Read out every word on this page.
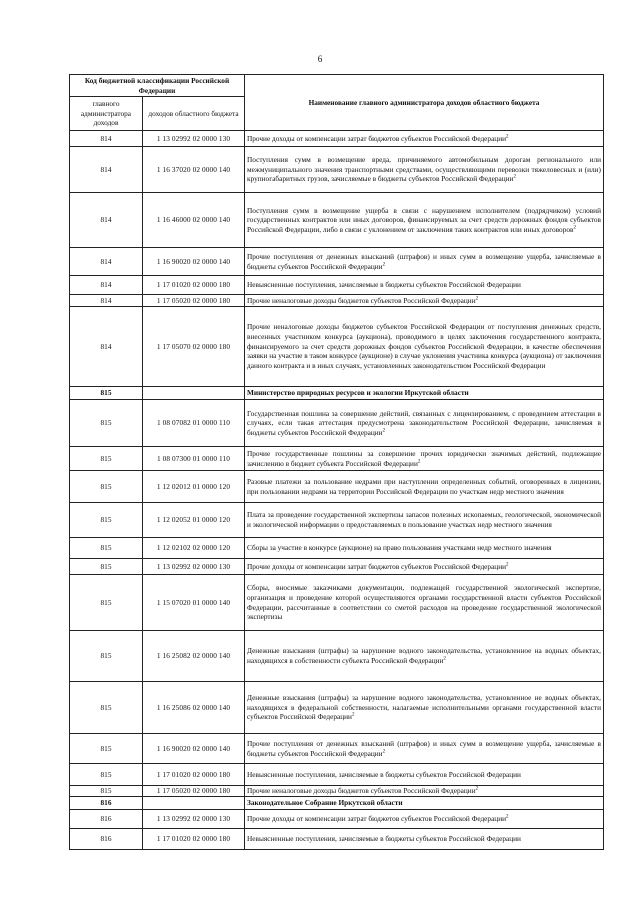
6
Код бюджетной классификации Российской Федерации		Наименование главного администратора доходов областного бюджета
главного администратора доходов	доходов областного бюджета	
814	1 13 02992 02 0000 130	Прочие доходы от компенсации затрат бюджетов субъектов Российской Федерации$^2$
814	1 16 37020 02 0000 140	Поступления сумм в возмещение вреда, причиняемого автомобильным дорогам регионального или межмуниципального значения транспортными средствами, осуществляющими перевозки тяжеловесных и (или) крупногабаритных грузов, зачисляемые в бюджеты субъектов Российской Федерации$^2$
814	1 16 46000 02 0000 140	Поступления сумм в возмещение ущерба в связи с нарушением исполнителем (подрядчиком) условий государственных контрактов или иных договоров, финансируемых за счет средств дорожных фондов субъектов Российской Федерации, либо в связи с уклонением от заключения таких контрактов или иных договоров$^2$
814	1 16 90020 02 0000 140	Прочие поступления от денежных взысканий (штрафов) и иных сумм в возмещение ущерба, зачисляемые в бюджеты субъектов Российской Федерации$^2$
814	1 17 01020 02 0000 180	Невыясненные поступления, зачисляемые в бюджеты субъектов Российской Федерации
814	1 17 05020 02 0000 180	Прочие неналоговые доходы бюджетов субъектов Российской Федерации$^2$
814	1 17 05070 02 0000 180	Прочие неналоговые доходы бюджетов субъектов Российской Федерации от поступления денежных средств, внесенных участником конкурса (аукциона), проводимого в целях заключения государственного контракта, финансируемого за счет средств дорожных фондов субъектов Российской Федерации, в качестве обеспечения заявки на участие в таком конкурсе (аукционе) в случае уклонения участника конкурса (аукциона) от заключения данного контракта и в иных случаях, установленных законодательством Российской Федерации
815		Министерство природных ресурсов и экологии Иркутской области
815	1 08 07082 01 0000 110	Государственная пошлина за совершение действий, связанных с лицензированием, с проведением аттестации в случаях, если такая аттестация предусмотрена законодательством Российской Федерации, зачисляемая в бюджеты субъектов Российской Федерации$^2$
815	1 08 07300 01 0000 110	Прочие государственные пошлины за совершение прочих юридически значимых действий, подлежащие зачислению в бюджет субъекта Российской Федерации$^2$
815	1 12 02012 01 0000 120	Разовые платежи за пользование недрами при наступлении определенных событий, оговоренных в лицензии, при пользовании недрами на территории Российской Федерации по участкам недр местного значения
815	1 12 02052 01 0000 120	Плата за проведение государственной экспертизы запасов полезных ископаемых, геологической, экономической и экологической информации о предоставляемых в пользование участках недр местного значения
815	1 12 02102 02 0000 120	Сборы за участие в конкурсе (аукционе) на право пользования участками недр местного значения
815	1 13 02992 02 0000 130	Прочие доходы от компенсации затрат бюджетов субъектов Российской Федерации$^2$
815	1 15 07020 01 0000 140	Сборы, вносимые заказчиками документации, подлежащей государственной экологической экспертизе, организация и проведение которой осуществляются органами государственной власти субъектов Российской Федерации, рассчитанные в соответствии со сметой расходов на проведение государственной экологической экспертизы
815	1 16 25082 02 0000 140	Денежные взыскания (штрафы) за нарушение водного законодательства, установленное на водных объектах, находящихся в собственности субъекта Российской Федерации$^2$
815	1 16 25086 02 0000 140	Денежные взыскания (штрафы) за нарушение водного законодательства, установленное не водных объектах, находящихся в федеральной собственности, налагаемые исполнительными органами государственной власти субъектов Российской Федерации$^2$
815	1 16 90020 02 0000 140	Прочие поступления от денежных взысканий (штрафов) и иных сумм в возмещение ущерба, зачисляемые в бюджеты субъектов Российской Федерации$^2$
815	1 17 01020 02 0000 180	Невыясненные поступления, зачисляемые в бюджеты субъектов Российской Федерации
815	1 17 05020 02 0000 180	Прочие неналоговые доходы бюджетов субъектов Российской Федерации$^2$
816		Законодательное Собрание Иркутской области
816	1 13 02992 02 0000 130	Прочие доходы от компенсации затрат бюджетов субъектов Российской Федерации$^2$
816	1 17 01020 02 0000 180	Невыясненные поступления, зачисляемые в бюджеты субъектов Российской Федерации
